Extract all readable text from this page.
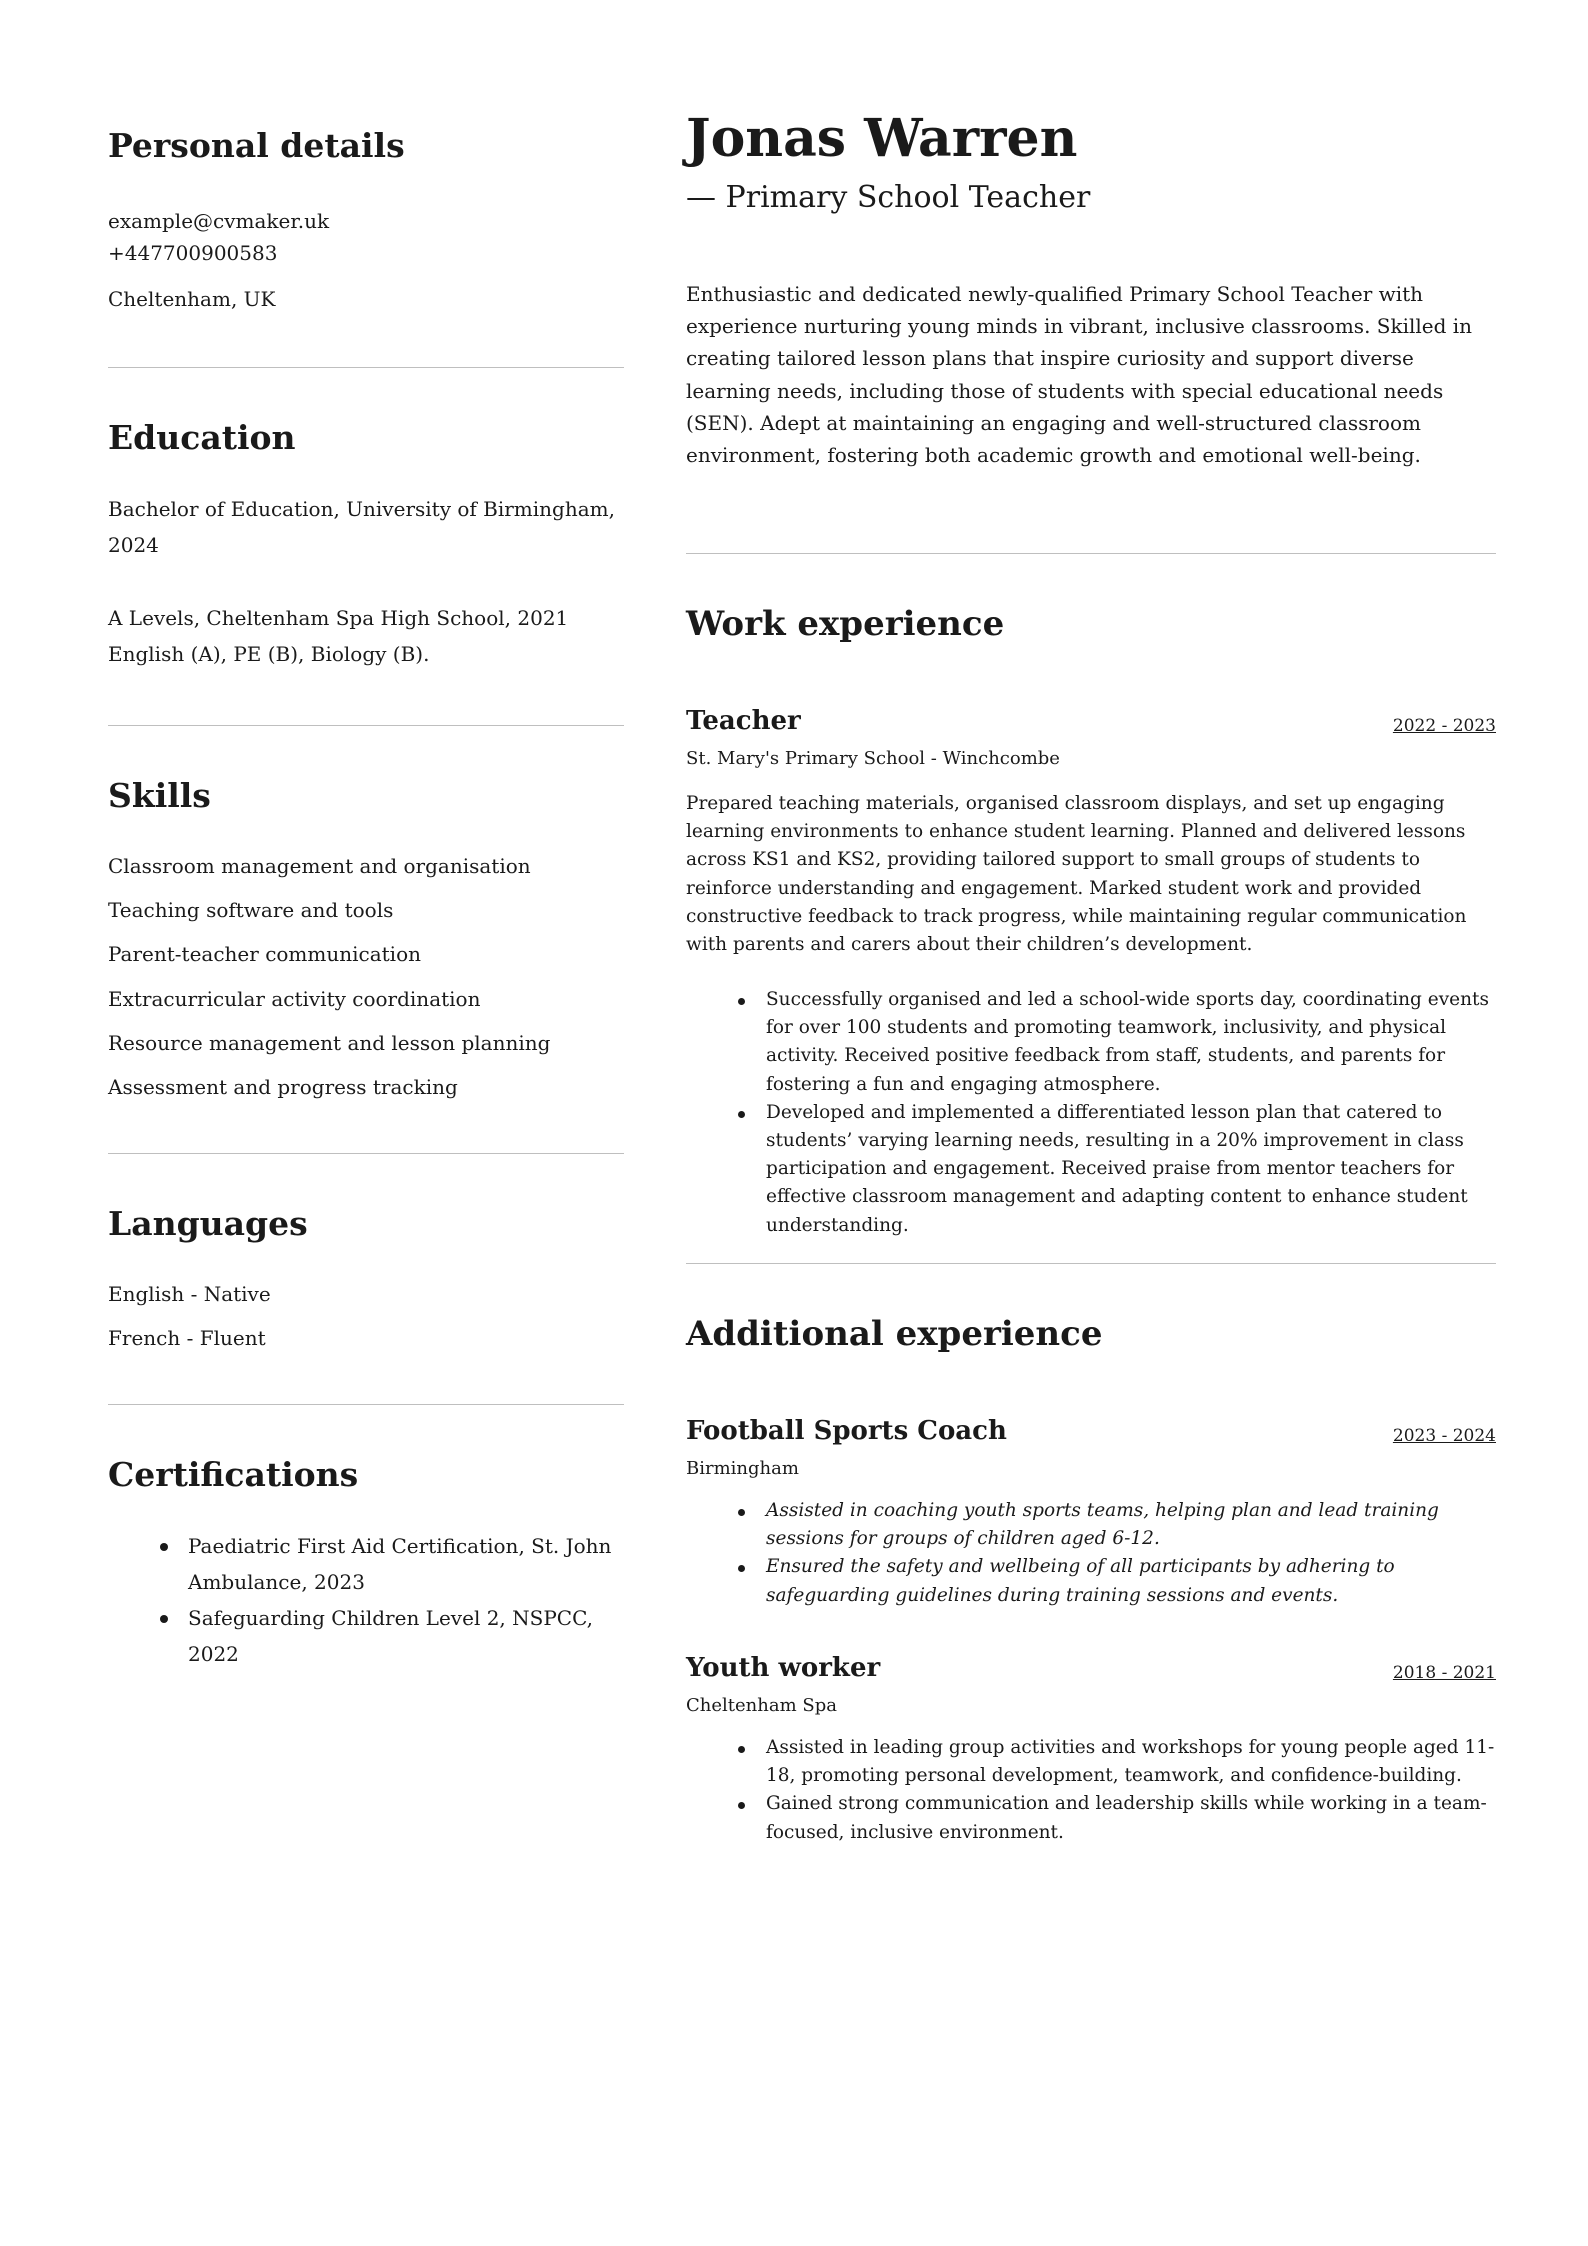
Personal details
example@cvmaker.uk
+447700900583
Cheltenham, UK
Education
Bachelor of Education, University of Birmingham,
2024
A Levels, Cheltenham Spa High School, 2021
English (A), PE (B), Biology (B).
Skills
Classroom management and organisation
Teaching software and tools
Parent-teacher communication
Extracurricular activity coordination
Resource management and lesson planning
Assessment and progress tracking
Languages
English - Native
French - Fluent
Certifications
Paediatric First Aid Certification, St. John Ambulance, 2023
Safeguarding Children Level 2, NSPCC, 2022
Jonas Warren
— Primary School Teacher

Enthusiastic and dedicated newly-qualified Primary School Teacher with experience nurturing young minds in vibrant, inclusive classrooms. Skilled in creating tailored lesson plans that inspire curiosity and support diverse learning needs, including those of students with special educational needs (SEN). Adept at maintaining an engaging and well-structured classroom environment, fostering both academic growth and emotional well-being.

Work experience
Teacher	2022 - 2023
St. Mary's Primary School - Winchcombe

Prepared teaching materials, organised classroom displays, and set up engaging learning environments to enhance student learning. Planned and delivered lessons across KS1 and KS2, providing tailored support to small groups of students to reinforce understanding and engagement. Marked student work and provided constructive feedback to track progress, while maintaining regular communication with parents and carers about their children’s development.

Successfully organised and led a school-wide sports day, coordinating events for over 100 students and promoting teamwork, inclusivity, and physical activity. Received positive feedback from staff, students, and parents for fostering a fun and engaging atmosphere.
Developed and implemented a differentiated lesson plan that catered to students’ varying learning needs, resulting in a 20% improvement in class participation and engagement. Received praise from mentor teachers for effective classroom management and adapting content to enhance student understanding.
Additional experience
Football Sports Coach	2023 - 2024
Birmingham
Assisted in coaching youth sports teams, helping plan and lead training sessions for groups of children aged 6-12.
Ensured the safety and wellbeing of all participants by adhering to safeguarding guidelines during training sessions and events.
Youth worker	2018 - 2021
Cheltenham Spa
Assisted in leading group activities and workshops for young people aged 11-18, promoting personal development, teamwork, and confidence-building.
Gained strong communication and leadership skills while working in a team-focused, inclusive environment.
